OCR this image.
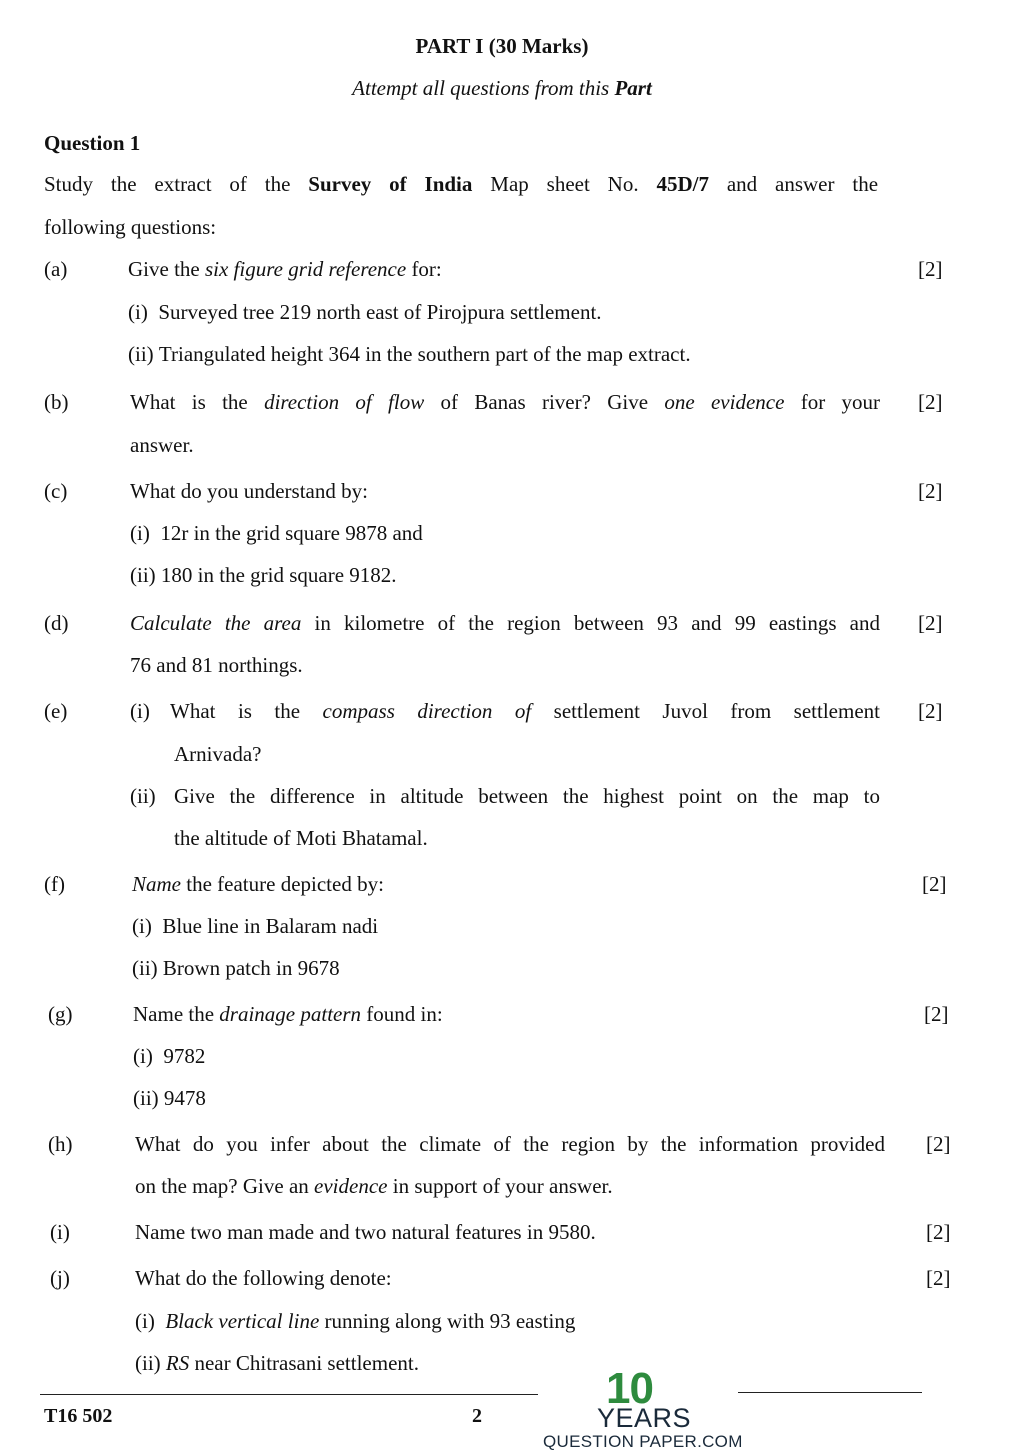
PART I (30 Marks)
Attempt all questions from this Part
Question 1
Study the extract of the Survey of India Map sheet No. 45D/7 and answer the
following questions:
(a)	Give the six figure grid reference for:	[2]
(i) Surveyed tree 219 north east of Pirojpura settlement.
(ii) Triangulated height 364 in the southern part of the map extract.
(b)	What is the direction of flow of Banas river? Give one evidence for your [2]
answer.
(c)	What do you understand by:	[2]
(i) 12r in the grid square 9878 and
(ii) 180 in the grid square 9182.
(d)	Calculate the area in kilometre of the region between 93 and 99 eastings and [2]
76 and 81 northings.
(e)	(i) What is the compass direction of settlement Juvol from settlement [2]
Arnivada?
(ii) Give the difference in altitude between the highest point on the map to
the altitude of Moti Bhatamal.
(f)	Name the feature depicted by:	[2]
(i) Blue line in Balaram nadi
(ii) Brown patch in 9678
(g)	Name the drainage pattern found in:	[2]
(i) 9782
(ii) 9478
(h)	What do you infer about the climate of the region by the information provided [2]
on the map? Give an evidence in support of your answer.
(i)	Name two man made and two natural features in 9580.	[2]
(j)	What do the following denote:	[2]
(i) Black vertical line running along with 93 easting
(ii) RS near Chitrasani settlement.
T16 502	2
10
YEARS
QUESTION PAPER.COM
